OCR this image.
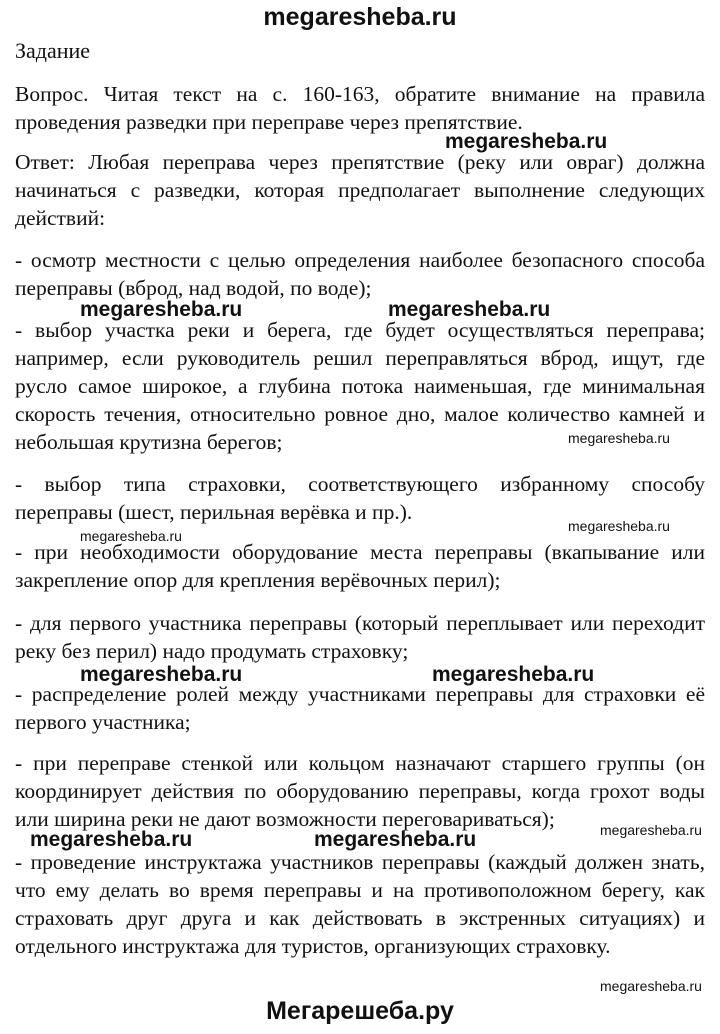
megaresheba.ru
Задание

Вопрос. Читая текст на с. 160-163, обратите внимание на правила проведения разведки при переправе через препятствие.

Ответ: Любая переправа через препятствие (реку или овраг) должна начинаться с разведки, которая предполагает выполнение следующих действий:

- осмотр местности с целью определения наиболее безопасного способа переправы (вброд, над водой, по воде);

- выбор участка реки и берега, где будет осуществляться переправа; например, если руководитель решил переправляться вброд, ищут, где русло самое широкое, а глубина потока наименьшая, где минимальная скорость течения, относительно ровное дно, малое количество камней и небольшая крутизна берегов;

- выбор типа страховки, соответствующего избранному способу переправы (шест, перильная верёвка и пр.).

- при необходимости оборудование места переправы (вкапывание или закрепление опор для крепления верёвочных перил);

- для первого участника переправы (который переплывает или переходит реку без перил) надо продумать страховку;

- распределение ролей между участниками переправы для страховки её первого участника;

- при переправе стенкой или кольцом назначают старшего группы (он координирует действия по оборудованию переправы, когда грохот воды или ширина реки не дают возможности переговариваться);

- проведение инструктажа участников переправы (каждый должен знать, что ему делать во время переправы и на противоположном берегу, как страховать друг друга и как действовать в экстренных ситуациях) и отдельного инструктажа для туристов, организующих страховку.

megaresheba.ru
megaresheba.ru	megaresheba.ru
megaresheba.ru
megaresheba.ru
megaresheba.ru
megaresheba.ru	megaresheba.ru
megaresheba.ru	megaresheba.ru	megaresheba.ru
megaresheba.ru
Мегарешеба.ру
